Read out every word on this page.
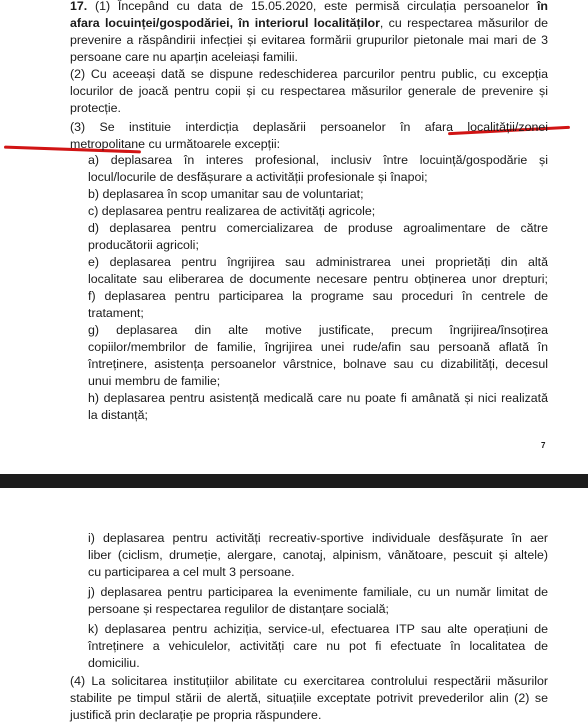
7
17. (1) Începând cu data de 15.05.2020, este permisă circulația persoanelor în
afara locuinței/gospodăriei, în interiorul localităților, cu respectarea măsurilor de
prevenire a răspândirii infecției și evitarea formării grupurilor pietonale mai mari de 3
persoane care nu aparțin aceleiași familii.
(2) Cu aceeași dată se dispune redeschiderea parcurilor pentru public, cu excepția
locurilor de joacă pentru copii și cu respectarea măsurilor generale de prevenire și
protecție.
(3) Se instituie interdicția deplasării persoanelor în afara localității/zonei
metropolitane cu următoarele excepții:
a) deplasarea în interes profesional, inclusiv între locuință/gospodărie și
locul/locurile de desfășurare a activității profesionale și înapoi;
b) deplasarea în scop umanitar sau de voluntariat;
c) deplasarea pentru realizarea de activități agricole;
d) deplasarea pentru comercializarea de produse agroalimentare de către
producătorii agricoli;
e) deplasarea pentru îngrijirea sau administrarea unei proprietăți din altă
localitate sau eliberarea de documente necesare pentru obținerea unor drepturi;
f) deplasarea pentru participarea la programe sau proceduri în centrele de
tratament;
g) deplasarea din alte motive justificate, precum îngrijirea/însoțirea
copiilor/membrilor de familie, îngrijirea unei rude/afin sau persoană aflată în
întreținere, asistența persoanelor vârstnice, bolnave sau cu dizabilități, decesul
unui membru de familie;
h) deplasarea pentru asistență medicală care nu poate fi amânată și nici realizată
la distanță;
i) deplasarea pentru activități recreativ-sportive individuale desfășurate în aer
liber (ciclism, drumeție, alergare, canotaj, alpinism, vânătoare, pescuit și altele)
cu participarea a cel mult 3 persoane.
j) deplasarea pentru participarea la evenimente familiale, cu un număr limitat de
persoane și respectarea regulilor de distanțare socială;
k) deplasarea pentru achiziția, service-ul, efectuarea ITP sau alte operațiuni de
întreținere a vehiculelor, activități care nu pot fi efectuate în localitatea de
domiciliu.
(4) La solicitarea instituțiilor abilitate cu exercitarea controlului respectării măsurilor
stabilite pe timpul stării de alertă, situațiile exceptate potrivit prevederilor alin (2) se
justifică prin declarație pe propria răspundere.
